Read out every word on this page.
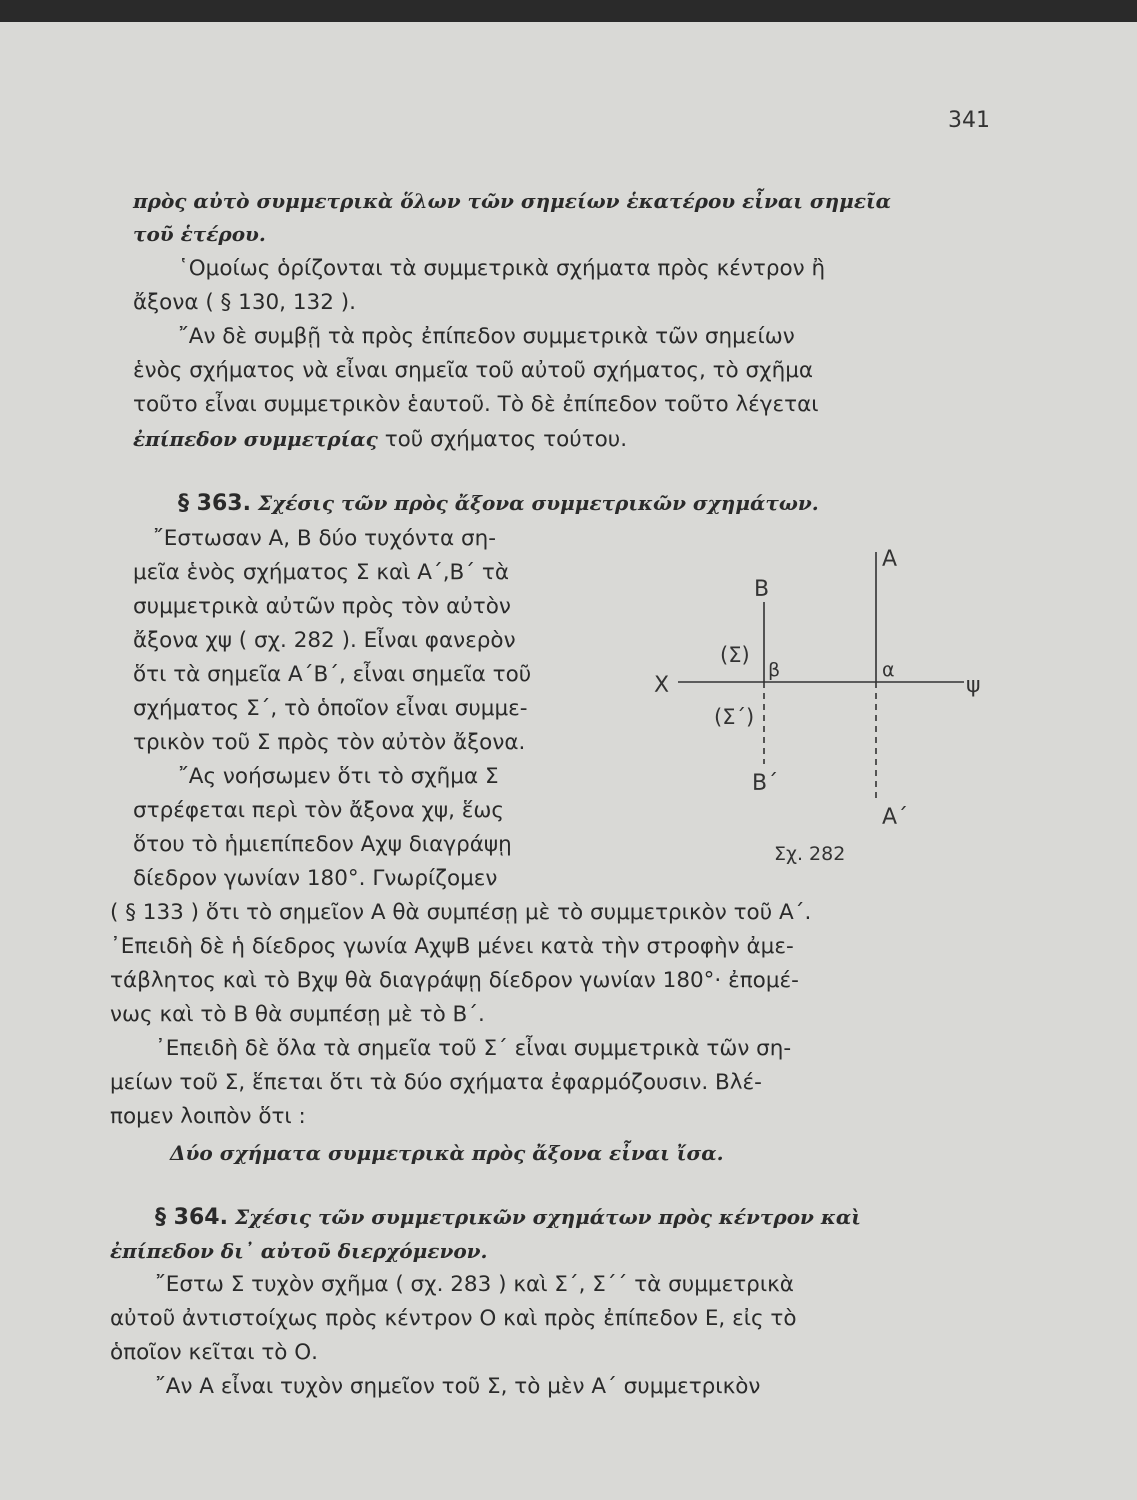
341
πρὸς αὐτὸ συμμετρικὰ ὅλων τῶν σημείων ἑκατέρου εἶναι σημεῖα
τοῦ ἑτέρου.
῾Ομοίως ὁρίζονται τὰ συμμετρικὰ σχήματα πρὸς κέντρον ἢ
ἄξονα ( § 130, 132 ).
῎Αν δὲ συμβῇ τὰ πρὸς ἐπίπεδον συμμετρικὰ τῶν σημείων
ἑνὸς σχήματος νὰ εἶναι σημεῖα τοῦ αὐτοῦ σχήματος, τὸ σχῆμα
τοῦτο εἶναι συμμετρικὸν ἑαυτοῦ. Τὸ δὲ ἐπίπεδον τοῦτο λέγεται
ἐπίπεδον συμμετρίας τοῦ σχήματος τούτου.
§ 363. Σχέσις τῶν πρὸς ἄξονα συμμετρικῶν σχημάτων.
῎Εστωσαν Α, Β δύο τυχόντα ση-
μεῖα ἑνὸς σχήματος Σ καὶ Α΄,Β΄ τὰ
συμμετρικὰ αὐτῶν πρὸς τὸν αὐτὸν
ἄξονα χψ ( σχ. 282 ). Εἶναι φανερὸν
ὅτι τὰ σημεῖα Α΄Β΄, εἶναι σημεῖα τοῦ
σχήματος Σ΄, τὸ ὁποῖον εἶναι συμμε-
τρικὸν τοῦ Σ πρὸς τὸν αὐτὸν ἄξονα.
῎Ας νοήσωμεν ὅτι τὸ σχῆμα Σ
στρέφεται περὶ τὸν ἄξονα χψ, ἕως
ὅτου τὸ ἡμιεπίπεδον Αχψ διαγράψῃ
δίεδρον γωνίαν 180°. Γνωρίζομεν
( § 133 ) ὅτι τὸ σημεῖον Α θὰ συμπέσῃ μὲ τὸ συμμετρικὸν τοῦ Α΄.
᾿Επειδὴ δὲ ἡ δίεδρος γωνία ΑχψΒ μένει κατὰ τὴν στροφὴν ἀμε-
τάβλητος καὶ τὸ Βχψ θὰ διαγράψῃ δίεδρον γωνίαν 180°· ἐπομέ-
νως καὶ τὸ Β θὰ συμπέσῃ μὲ τὸ Β΄.
᾿Επειδὴ δὲ ὅλα τὰ σημεῖα τοῦ Σ΄ εἶναι συμμετρικὰ τῶν ση-
μείων τοῦ Σ, ἕπεται ὅτι τὰ δύο σχήματα ἐφαρμόζουσιν. Βλέ-
πομεν λοιπὸν ὅτι :
Δύο σχήματα συμμετρικὰ πρὸς ἄξονα εἶναι ἴσα.
§ 364. Σχέσις τῶν συμμετρικῶν σχημάτων πρὸς κέντρον καὶ
ἐπίπεδον δι᾿ αὐτοῦ διερχόμενον.
῎Εστω Σ τυχὸν σχῆμα ( σχ. 283 ) καὶ Σ΄, Σ΄΄ τὰ συμμετρικὰ
αὐτοῦ ἀντιστοίχως πρὸς κέντρον Ο καὶ πρὸς ἐπίπεδον Ε, εἰς τὸ
ὁποῖον κεῖται τὸ Ο.
῎Αν Α εἶναι τυχὸν σημεῖον τοῦ Σ, τὸ μὲν Α΄ συμμετρικὸν
Α
Β
(Σ)
β	α
Χ	ψ
(Σ΄)
Β΄
Α΄
Σχ. 282
